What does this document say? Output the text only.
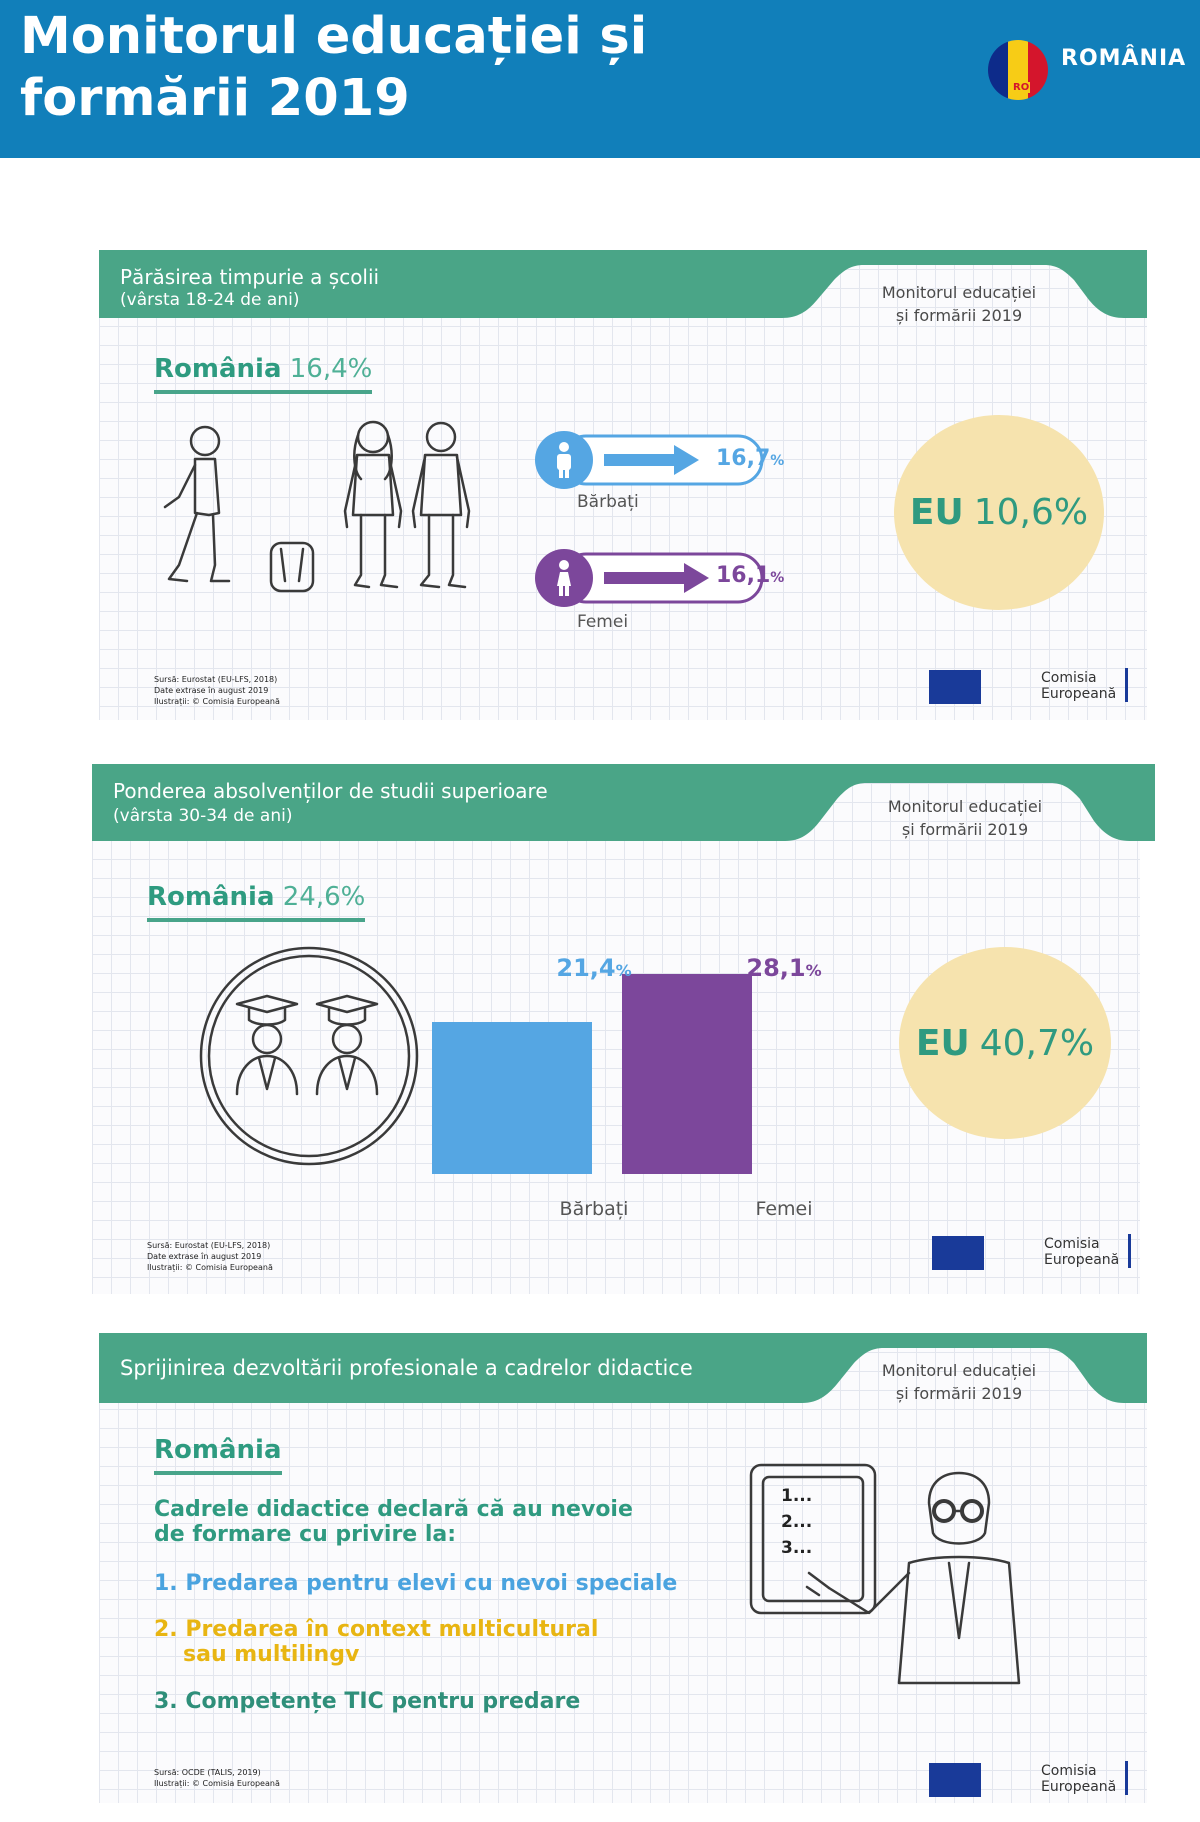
Monitorul educației și
formării 2019	RO
ROMÂNIA
Părăsirea timpurie a școlii
(vârsta 18-24 de ani)	Monitorul educației
și formării 2019
România 16,4%
16,7%
Bărbați
16,1%
Femei
EU 10,6%
Sursă: Eurostat (EU-LFS, 2018)
Date extrase în august 2019
Ilustrații: © Comisia Europeană
Comisia
Europeană
Ponderea absolvenților de studii superioare
(vârsta 30-34 de ani)	Monitorul educației
și formării 2019
România 24,6%
21,4%	28,1%
Bărbați	Femei
EU 40,7%
Sursă: Eurostat (EU-LFS, 2018)
Date extrase în august 2019
Ilustrații: © Comisia Europeană
Comisia
Europeană
Sprijinirea dezvoltării profesionale a cadrelor didactice	Monitorul educației
și formării 2019
România
Cadrele didactice declară că au nevoie
de formare cu privire la:
1. Predarea pentru elevi cu nevoi speciale
2. Predarea în context multicultural
sau multilingv
3. Competențe TIC pentru predare
1...
2...
3...
Sursă: OCDE (TALIS, 2019)
Ilustrații: © Comisia Europeană
Comisia
Europeană
